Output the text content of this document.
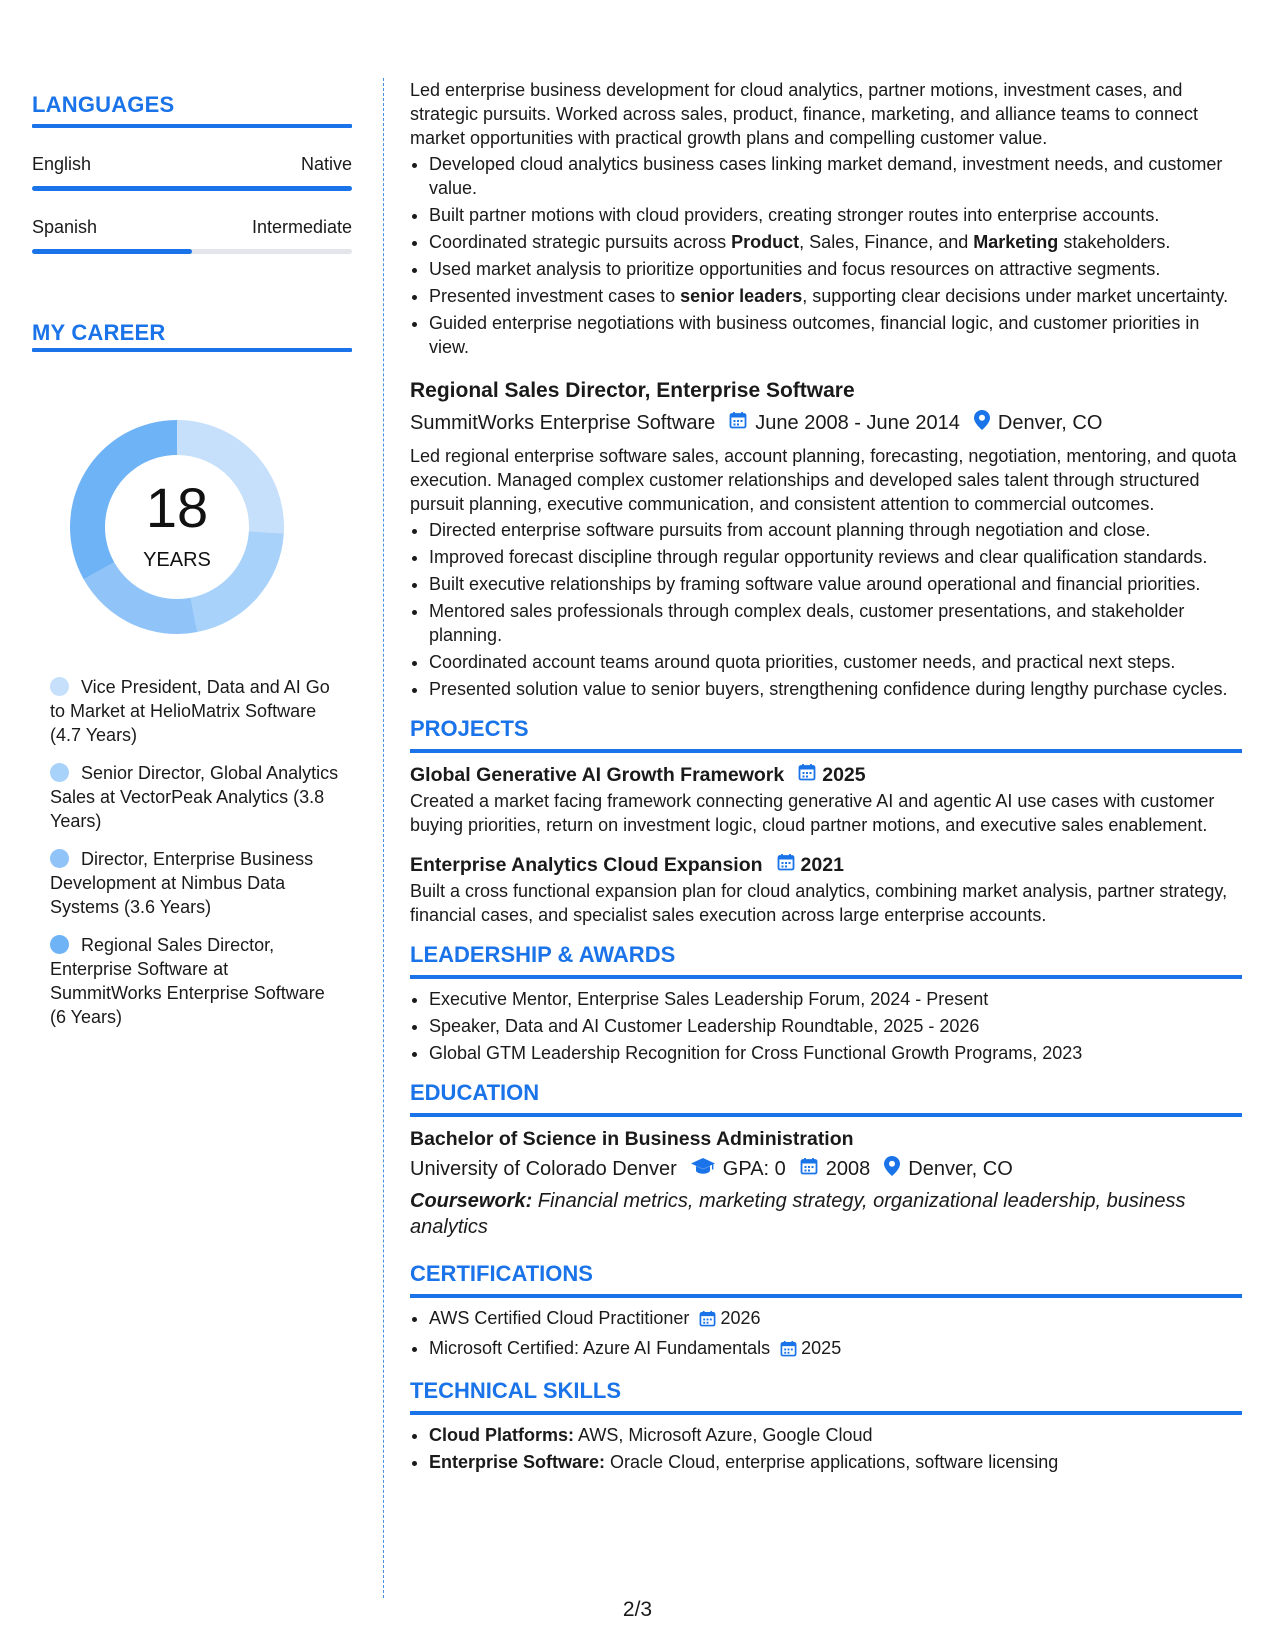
LANGUAGES
English	Native
Spanish	Intermediate
MY CAREER
18
YEARS
Vice President, Data and AI Go to Market at HelioMatrix Software (4.7 Years)
Senior Director, Global Analytics Sales at VectorPeak Analytics (3.8 Years)
Director, Enterprise Business Development at Nimbus Data Systems (3.6 Years)
Regional Sales Director, Enterprise Software at SummitWorks Enterprise Software (6 Years)

Led enterprise business development for cloud analytics, partner motions, investment cases, and strategic pursuits. Worked across sales, product, finance, marketing, and alliance teams to connect market opportunities with practical growth plans and compelling customer value.

• Developed cloud analytics business cases linking market demand, investment needs, and customer value.
• Built partner motions with cloud providers, creating stronger routes into enterprise accounts.
• Coordinated strategic pursuits across Product, Sales, Finance, and Marketing stakeholders.
• Used market analysis to prioritize opportunities and focus resources on attractive segments.
• Presented investment cases to senior leaders, supporting clear decisions under market uncertainty.
• Guided enterprise negotiations with business outcomes, financial logic, and customer priorities in view.
Regional Sales Director, Enterprise Software
SummitWorks Enterprise Software June 2008 - June 2014 Denver, CO

Led regional enterprise software sales, account planning, forecasting, negotiation, mentoring, and quota execution. Managed complex customer relationships and developed sales talent through structured pursuit planning, executive communication, and consistent attention to commercial outcomes.

• Directed enterprise software pursuits from account planning through negotiation and close.
• Improved forecast discipline through regular opportunity reviews and clear qualification standards.
• Built executive relationships by framing software value around operational and financial priorities.
• Mentored sales professionals through complex deals, customer presentations, and stakeholder planning.
• Coordinated account teams around quota priorities, customer needs, and practical next steps.
• Presented solution value to senior buyers, strengthening confidence during lengthy purchase cycles.
PROJECTS
Global Generative AI Growth Framework 2025

Created a market facing framework connecting generative AI and agentic AI use cases with customer buying priorities, return on investment logic, cloud partner motions, and executive sales enablement.

Enterprise Analytics Cloud Expansion 2021

Built a cross functional expansion plan for cloud analytics, combining market analysis, partner strategy, financial cases, and specialist sales execution across large enterprise accounts.

LEADERSHIP & AWARDS
• Executive Mentor, Enterprise Sales Leadership Forum, 2024 - Present
• Speaker, Data and AI Customer Leadership Roundtable, 2025 - 2026
• Global GTM Leadership Recognition for Cross Functional Growth Programs, 2023
EDUCATION
Bachelor of Science in Business Administration
University of Colorado Denver GPA: 0 2008 Denver, CO
Coursework: Financial metrics, marketing strategy, organizational leadership, business analytics
CERTIFICATIONS
• AWS Certified Cloud Practitioner 2026
• Microsoft Certified: Azure AI Fundamentals 2025
TECHNICAL SKILLS
• Cloud Platforms: AWS, Microsoft Azure, Google Cloud
• Enterprise Software: Oracle Cloud, enterprise applications, software licensing
2/3
